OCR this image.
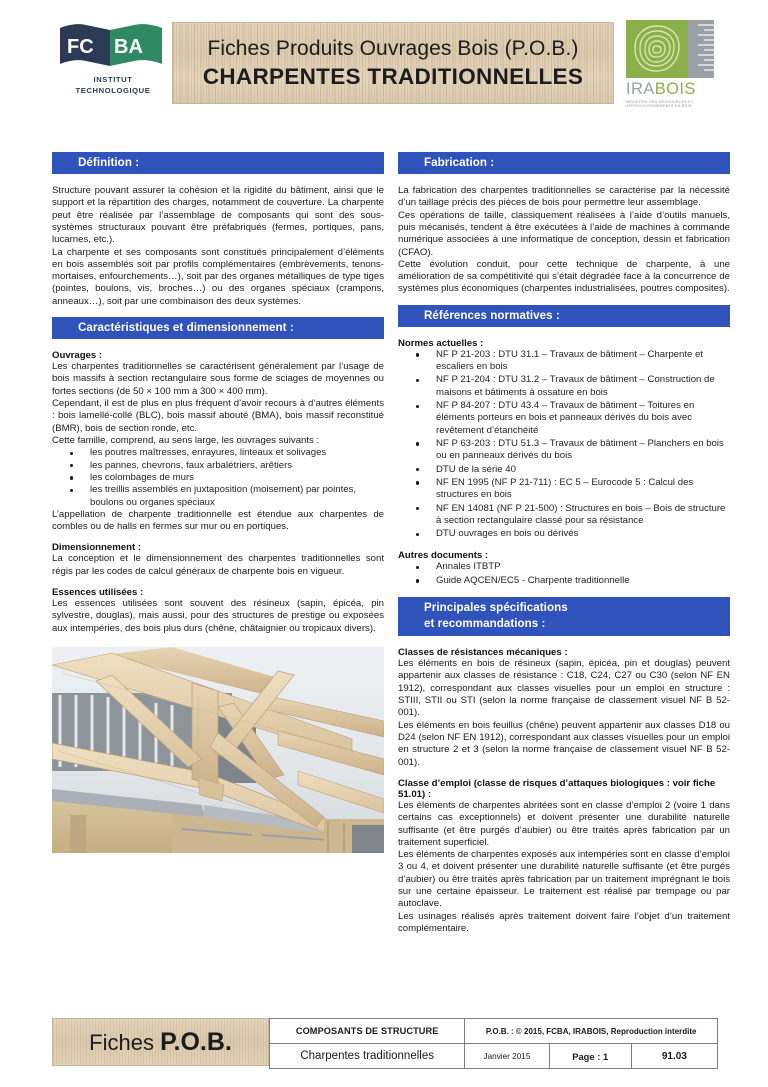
FC BA
INSTITUT
TECHNOLOGIQUE
Fiches Produits Ouvrages Bois (P.O.B.)
CHARPENTES TRADITIONNELLES
IRABOIS
INDUSTRIE DES RESSOURCES ET APPROVISIONNEMENTS EN BOIS
Définition :

Structure pouvant assurer la cohésion et la rigidité du bâtiment, ainsi que le support et la répartition des charges, notamment de couverture. La charpente peut être réalisée par l’assemblage de composants qui sont des sous-systèmes structuraux pouvant être préfabriqués (fermes, portiques, pans, lucarnes, etc.).

La charpente et ses composants sont constitués principalement d’éléments en bois assemblés soit par profils complémentaires (embrèvements, tenons-mortaises, enfourchements…), soit par des organes métalliques de type tiges (pointes, boulons, vis, broches…) ou des organes spéciaux (crampons, anneaux…), soit par une combinaison des deux systèmes.

Caractéristiques et dimensionnement :
Ouvrages :

Les charpentes traditionnelles se caractérisent généralement par l’usage de bois massifs à section rectangulaire sous forme de sciages de moyennes ou fortes sections (de 50 × 100 mm à 300 × 400 mm).

Cependant, il est de plus en plus fréquent d’avoir recours à d’autres éléments : bois lamellé-collé (BLC), bois massif abouté (BMA), bois massif reconstitué (BMR), bois de section ronde, etc.

Cette famille, comprend, au sens large, les ouvrages suivants :

les poutres maîtresses, enrayures, linteaux et solivages
les pannes, chevrons, faux arbalétriers, arêtiers
les colombages de murs
les treillis assemblés en juxtaposition (moisement) par pointes, boulons ou organes spéciaux

L’appellation de charpente traditionnelle est étendue aux charpentes de combles ou de halls en fermes sur mur ou en portiques.

Dimensionnement :

La conception et le dimensionnement des charpentes traditionnelles sont régis par les codes de calcul généraux de charpente bois en vigueur.

Essences utilisées :

Les essences utilisées sont souvent des résineux (sapin, épicéa, pin sylvestre, douglas), mais aussi, pour des structures de prestige ou exposées aux intempéries, des bois plus durs (chêne, châtaignier ou tropicaux divers).

Fabrication :

La fabrication des charpentes traditionnelles se caractérise par la nécessité d’un taillage précis des pièces de bois pour permettre leur assemblage.

Ces opérations de taille, classiquement réalisées à l’aide d’outils manuels, puis mécanisés, tendent à être exécutées à l’aide de machines à commande numérique associées à une informatique de conception, dessin et fabrication (CFAO).

Cette évolution conduit, pour cette technique de charpente, à une amélioration de sa compétitivité qui s’était dégradée face à la concurrence de systèmes plus économiques (charpentes industrialisées, poutres composites).

Références normatives :
Normes actuelles :
NF P 21-203 : DTU 31.1 – Travaux de bâtiment – Charpente et escaliers en bois
NF P 21-204 : DTU 31.2 – Travaux de bâtiment – Construction de maisons et bâtiments à ossature en bois
NF P 84-207 : DTU 43.4 – Travaux de bâtiment – Toitures en éléments porteurs en bois et panneaux dérivés du bois avec revêtement d’étanchéité
NF P 63-203 : DTU 51.3 – Travaux de bâtiment – Planchers en bois ou en panneaux dérivés du bois
DTU de la série 40
NF EN 1995 (NF P 21-711) : EC 5 – Eurocode 5 : Calcul des structures en bois
NF EN 14081 (NF P 21-500) : Structures en bois – Bois de structure à section rectangulaire classé pour sa résistance
DTU ouvrages en bois ou dérivés
Autres documents :
Annales ITBTP
Guide AQCEN/EC5 - Charpente traditionnelle
Principales spécifications
et recommandations :
Classes de résistances mécaniques :

Les éléments en bois de résineux (sapin, épicéa, pin et douglas) peuvent appartenir aux classes de résistance : C18, C24, C27 ou C30 (selon NF EN 1912), correspondant aux classes visuelles pour un emploi en structure : STIII, STII ou STI (selon la norme française de classement visuel NF B 52-001).

Les éléments en bois feuillus (chêne) peuvent appartenir aux classes D18 ou D24 (selon NF EN 1912), correspondant aux classes visuelles pour un emploi en structure 2 et 3 (selon la norme française de classement visuel NF B 52-001).

Classe d’emploi (classe de risques d’attaques biologiques : voir fiche 51.01) :

Les éléments de charpentes abritées sont en classe d’emploi 2 (voire 1 dans certains cas exceptionnels) et doivent présenter une durabilité naturelle suffisante (et être purgés d’aubier) ou être traités après fabrication par un traitement superficiel.

Les éléments de charpentes exposés aux intempéries sont en classe d’emploi 3 ou 4, et doivent présenter une durabilité naturelle suffisante (et être purgés d’aubier) ou être traités après fabrication par un traitement imprégnant le bois sur une certaine épaisseur. Le traitement est réalisé par trempage ou par autoclave.

Les usinages réalisés après traitement doivent faire l’objet d’un traitement complémentaire.

Fiches P.O.B.	COMPOSANTS DE STRUCTURE	P.O.B. : © 2015, FCBA, IRABOIS, Reproduction interdite		
Charpentes traditionnelles	Janvier 2015	Page : 1	91.03
